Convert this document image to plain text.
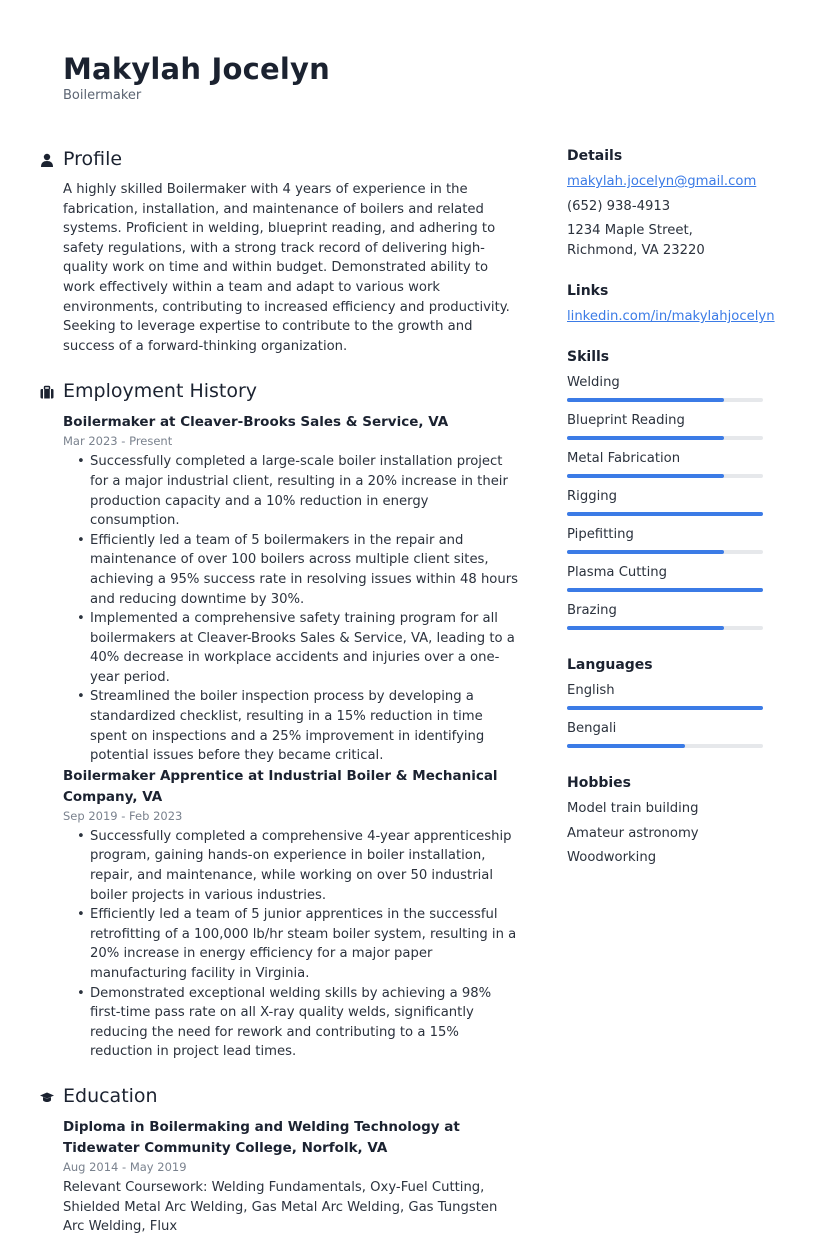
Makylah Jocelyn
Boilermaker
Profile

A highly skilled Boilermaker with 4 years of experience in the fabrication, installation, and maintenance of boilers and related systems. Proficient in welding, blueprint reading, and adhering to safety regulations, with a strong track record of delivering high-quality work on time and within budget. Demonstrated ability to work effectively within a team and adapt to various work environments, contributing to increased efficiency and productivity. Seeking to leverage expertise to contribute to the growth and success of a forward-thinking organization.

Employment History
Boilermaker at Cleaver-Brooks Sales & Service, VA
Mar 2023 - Present
• Successfully completed a large-scale boiler installation project for a major industrial client, resulting in a 20% increase in their production capacity and a 10% reduction in energy consumption.
• Efficiently led a team of 5 boilermakers in the repair and maintenance of over 100 boilers across multiple client sites, achieving a 95% success rate in resolving issues within 48 hours and reducing downtime by 30%.
• Implemented a comprehensive safety training program for all boilermakers at Cleaver-Brooks Sales & Service, VA, leading to a 40% decrease in workplace accidents and injuries over a one-year period.
• Streamlined the boiler inspection process by developing a standardized checklist, resulting in a 15% reduction in time spent on inspections and a 25% improvement in identifying potential issues before they became critical.
Boilermaker Apprentice at Industrial Boiler & Mechanical Company, VA
Sep 2019 - Feb 2023
• Successfully completed a comprehensive 4-year apprenticeship program, gaining hands-on experience in boiler installation, repair, and maintenance, while working on over 50 industrial boiler projects in various industries.
• Efficiently led a team of 5 junior apprentices in the successful retrofitting of a 100,000 lb/hr steam boiler system, resulting in a 20% increase in energy efficiency for a major paper manufacturing facility in Virginia.
• Demonstrated exceptional welding skills by achieving a 98% first-time pass rate on all X-ray quality welds, significantly reducing the need for rework and contributing to a 15% reduction in project lead times.
Education
Diploma in Boilermaking and Welding Technology at Tidewater Community College, Norfolk, VA
Aug 2014 - May 2019
Relevant Coursework: Welding Fundamentals, Oxy-Fuel Cutting, Shielded Metal Arc Welding, Gas Metal Arc Welding, Gas Tungsten Arc Welding, Flux
Details
makylah.jocelyn@gmail.com
(652) 938-4913
1234 Maple Street, Richmond, VA 23220
Links
linkedin.com/in/makylahjocelyn
Skills
Welding
Blueprint Reading
Metal Fabrication
Rigging
Pipefitting
Plasma Cutting
Brazing
Languages
English
Bengali
Hobbies
Model train building
Amateur astronomy
Woodworking
